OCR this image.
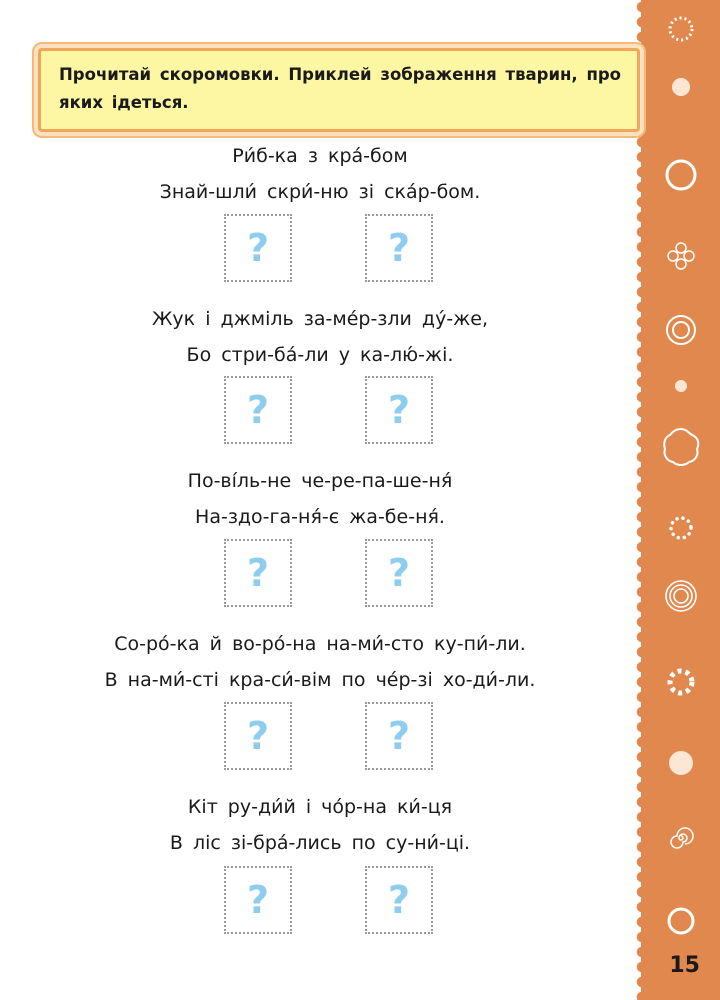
15
Прочитай скоромовки. Приклей зображення тварин, про яких ідеться.
Ри́б-ка з кра́-бом
Знай-шли́ скри́-ню зі ска́р-бом.
?	?
Жук і джміль за-ме́р-зли ду́-же,
Бо стри-ба́-ли у ка-лю́-жі.
?	?
По-ві́ль-не че-ре-па-ше-ня́
На-здо-га-ня́-є жа-бе-ня́.
?	?
Со-ро́-ка й во-ро́-на на-ми́-сто ку-пи́-ли.
В на-ми́-сті кра-си́-вім по че́р-зі хо-ди́-ли.
?	?
Кіт ру-ди́й і чо́р-на ки́-ця
В ліс зі-бра́-лись по су-ни́-ці.
?	?
